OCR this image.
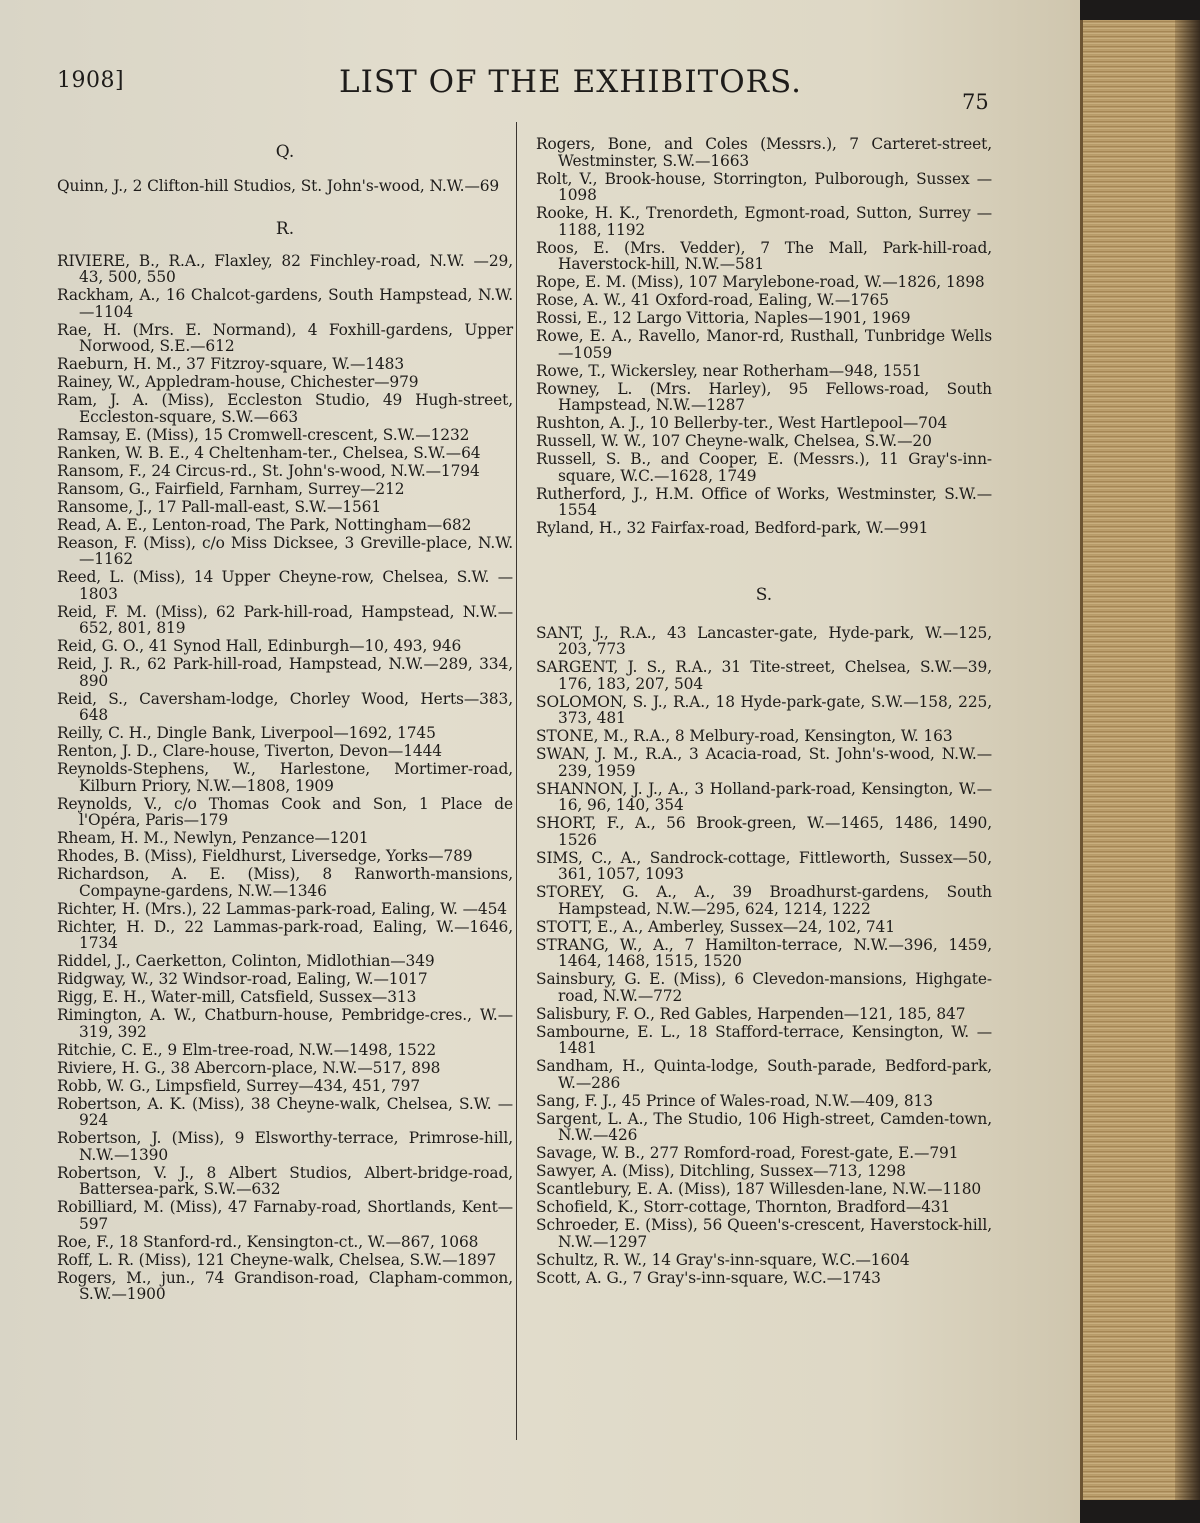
1908]	LIST OF THE EXHIBITORS.
75
Q.
Quinn, J., 2 Clifton-hill Studios, St. John's-wood, N.W.—69
R.
RIVIERE, B., R.A., Flaxley, 82 Finchley-road, N.W. —29, 43, 500, 550
Rackham, A., 16 Chalcot-gardens, South Hampstead, N.W.—1104
Rae, H. (Mrs. E. Normand), 4 Foxhill-gardens, Upper Norwood, S.E.—612
Raeburn, H. M., 37 Fitzroy-square, W.—1483
Rainey, W., Appledram-house, Chichester—979
Ram, J. A. (Miss), Eccleston Studio, 49 Hugh-street, Eccleston-square, S.W.—663
Ramsay, E. (Miss), 15 Cromwell-crescent, S.W.—1232
Ranken, W. B. E., 4 Cheltenham-ter., Chelsea, S.W.—64
Ransom, F., 24 Circus-rd., St. John's-wood, N.W.—1794
Ransom, G., Fairfield, Farnham, Surrey—212
Ransome, J., 17 Pall-mall-east, S.W.—1561
Read, A. E., Lenton-road, The Park, Nottingham—682
Reason, F. (Miss), c/o Miss Dicksee, 3 Greville-place, N.W.—1162
Reed, L. (Miss), 14 Upper Cheyne-row, Chelsea, S.W. —1803
Reid, F. M. (Miss), 62 Park-hill-road, Hampstead, N.W.—652, 801, 819
Reid, G. O., 41 Synod Hall, Edinburgh—10, 493, 946
Reid, J. R., 62 Park-hill-road, Hampstead, N.W.—289, 334, 890
Reid, S., Caversham-lodge, Chorley Wood, Herts—383, 648
Reilly, C. H., Dingle Bank, Liverpool—1692, 1745
Renton, J. D., Clare-house, Tiverton, Devon—1444
Reynolds-Stephens, W., Harlestone, Mortimer-road, Kilburn Priory, N.W.—1808, 1909
Reynolds, V., c/o Thomas Cook and Son, 1 Place de l'Opéra, Paris—179
Rheam, H. M., Newlyn, Penzance—1201
Rhodes, B. (Miss), Fieldhurst, Liversedge, Yorks—789
Richardson, A. E. (Miss), 8 Ranworth-mansions, Compayne-gardens, N.W.—1346
Richter, H. (Mrs.), 22 Lammas-park-road, Ealing, W. —454
Richter, H. D., 22 Lammas-park-road, Ealing, W.—1646, 1734
Riddel, J., Caerketton, Colinton, Midlothian—349
Ridgway, W., 32 Windsor-road, Ealing, W.—1017
Rigg, E. H., Water-mill, Catsfield, Sussex—313
Rimington, A. W., Chatburn-house, Pembridge-cres., W.—319, 392
Ritchie, C. E., 9 Elm-tree-road, N.W.—1498, 1522
Riviere, H. G., 38 Abercorn-place, N.W.—517, 898
Robb, W. G., Limpsfield, Surrey—434, 451, 797
Robertson, A. K. (Miss), 38 Cheyne-walk, Chelsea, S.W. —924
Robertson, J. (Miss), 9 Elsworthy-terrace, Primrose-hill, N.W.—1390
Robertson, V. J., 8 Albert Studios, Albert-bridge-road, Battersea-park, S.W.—632
Robilliard, M. (Miss), 47 Farnaby-road, Shortlands, Kent—597
Roe, F., 18 Stanford-rd., Kensington-ct., W.—867, 1068
Roff, L. R. (Miss), 121 Cheyne-walk, Chelsea, S.W.—1897
Rogers, M., jun., 74 Grandison-road, Clapham-common, S.W.—1900
Rogers, Bone, and Coles (Messrs.), 7 Carteret-street, Westminster, S.W.—1663
Rolt, V., Brook-house, Storrington, Pulborough, Sussex —1098
Rooke, H. K., Trenordeth, Egmont-road, Sutton, Surrey —1188, 1192
Roos, E. (Mrs. Vedder), 7 The Mall, Park-hill-road, Haverstock-hill, N.W.—581
Rope, E. M. (Miss), 107 Marylebone-road, W.—1826, 1898
Rose, A. W., 41 Oxford-road, Ealing, W.—1765
Rossi, E., 12 Largo Vittoria, Naples—1901, 1969
Rowe, E. A., Ravello, Manor-rd, Rusthall, Tunbridge Wells—1059
Rowe, T., Wickersley, near Rotherham—948, 1551
Rowney, L. (Mrs. Harley), 95 Fellows-road, South Hampstead, N.W.—1287
Rushton, A. J., 10 Bellerby-ter., West Hartlepool—704
Russell, W. W., 107 Cheyne-walk, Chelsea, S.W.—20
Russell, S. B., and Cooper, E. (Messrs.), 11 Gray's-inn-square, W.C.—1628, 1749
Rutherford, J., H.M. Office of Works, Westminster, S.W.—1554
Ryland, H., 32 Fairfax-road, Bedford-park, W.—991
S.
SANT, J., R.A., 43 Lancaster-gate, Hyde-park, W.—125, 203, 773
SARGENT, J. S., R.A., 31 Tite-street, Chelsea, S.W.—39, 176, 183, 207, 504
SOLOMON, S. J., R.A., 18 Hyde-park-gate, S.W.—158, 225, 373, 481
STONE, M., R.A., 8 Melbury-road, Kensington, W. 163
SWAN, J. M., R.A., 3 Acacia-road, St. John's-wood, N.W.—239, 1959
SHANNON, J. J., A., 3 Holland-park-road, Kensington, W.—16, 96, 140, 354
SHORT, F., A., 56 Brook-green, W.—1465, 1486, 1490, 1526
SIMS, C., A., Sandrock-cottage, Fittleworth, Sussex—50, 361, 1057, 1093
STOREY, G. A., A., 39 Broadhurst-gardens, South Hampstead, N.W.—295, 624, 1214, 1222
STOTT, E., A., Amberley, Sussex—24, 102, 741
STRANG, W., A., 7 Hamilton-terrace, N.W.—396, 1459, 1464, 1468, 1515, 1520
Sainsbury, G. E. (Miss), 6 Clevedon-mansions, Highgate-road, N.W.—772
Salisbury, F. O., Red Gables, Harpenden—121, 185, 847
Sambourne, E. L., 18 Stafford-terrace, Kensington, W. —1481
Sandham, H., Quinta-lodge, South-parade, Bedford-park, W.—286
Sang, F. J., 45 Prince of Wales-road, N.W.—409, 813
Sargent, L. A., The Studio, 106 High-street, Camden-town, N.W.—426
Savage, W. B., 277 Romford-road, Forest-gate, E.—791
Sawyer, A. (Miss), Ditchling, Sussex—713, 1298
Scantlebury, E. A. (Miss), 187 Willesden-lane, N.W.—1180
Schofield, K., Storr-cottage, Thornton, Bradford—431
Schroeder, E. (Miss), 56 Queen's-crescent, Haverstock-hill, N.W.—1297
Schultz, R. W., 14 Gray's-inn-square, W.C.—1604
Scott, A. G., 7 Gray's-inn-square, W.C.—1743
